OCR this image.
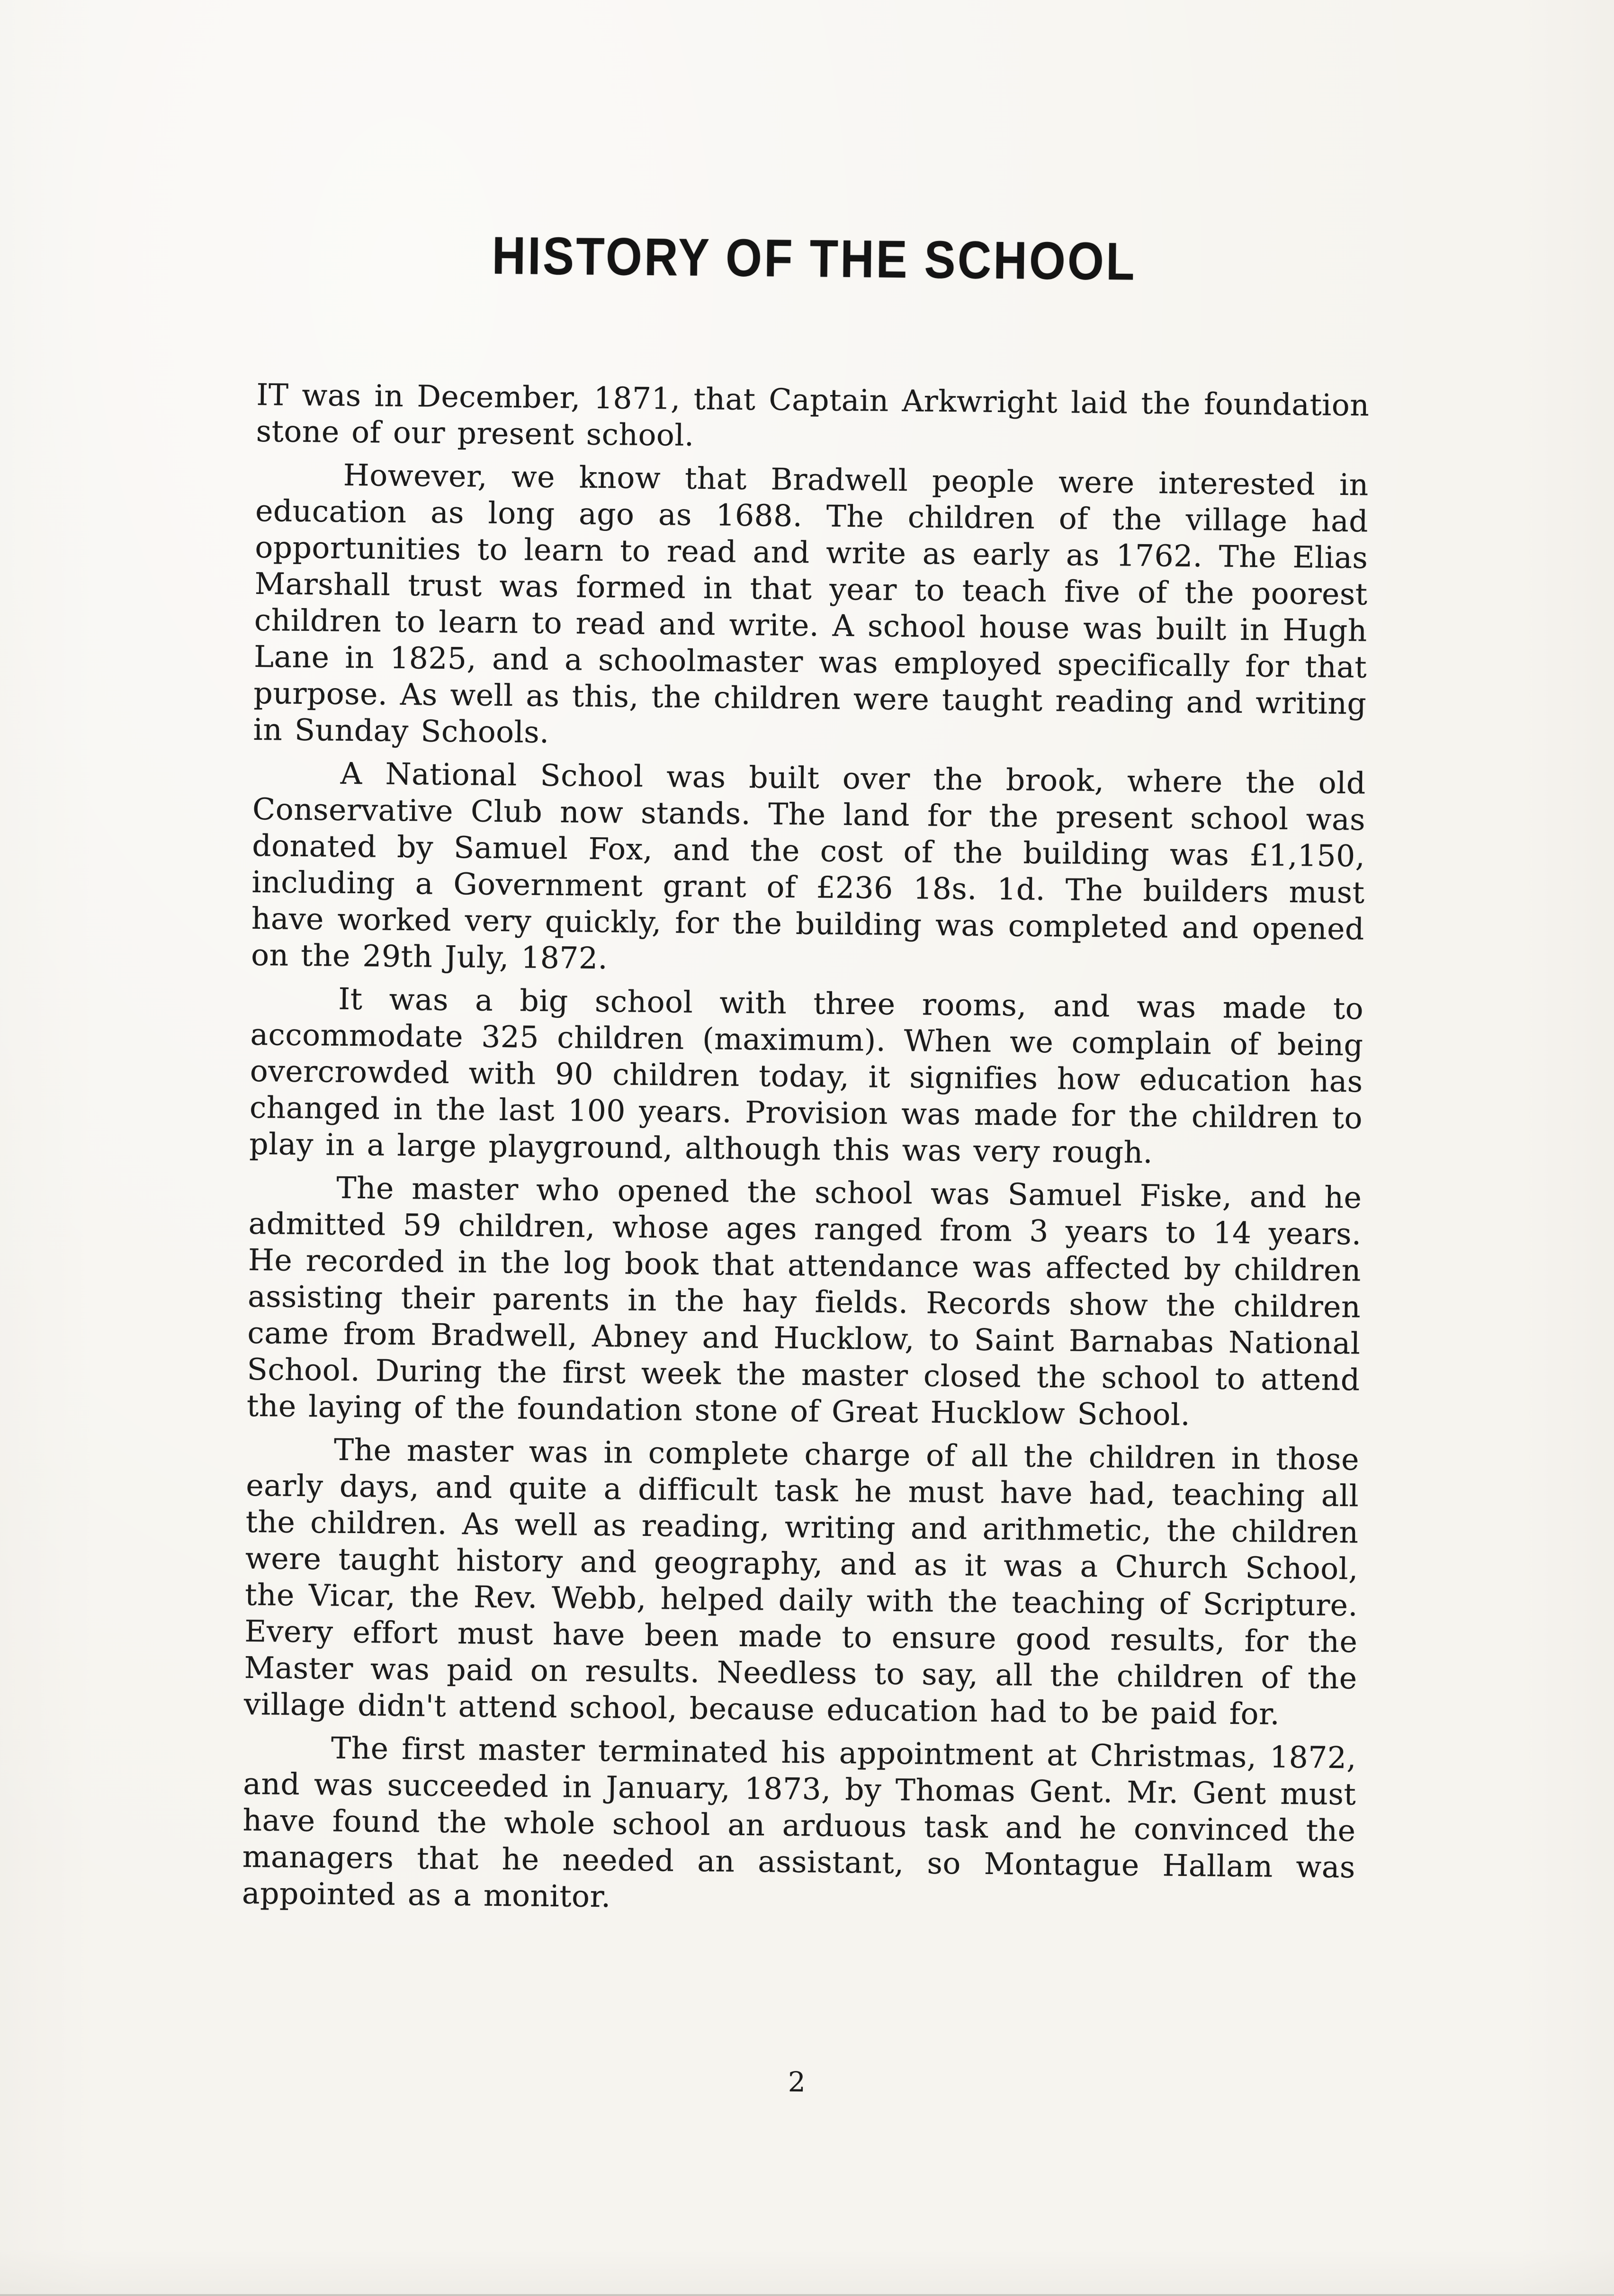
HISTORY OF THE SCHOOL

IT was in December, 1871, that Captain Arkwright laid the foundation stone of our present school.

However, we know that Bradwell people were interested in education as long ago as 1688. The children of the village had opportunities to learn to read and write as early as 1762. The Elias Marshall trust was formed in that year to teach five of the poorest children to learn to read and write. A school house was built in Hugh Lane in 1825, and a schoolmaster was employed specifically for that purpose. As well as this, the children were taught reading and writing in Sunday Schools.

A National School was built over the brook, where the old Conservative Club now stands. The land for the present school was donated by Samuel Fox, and the cost of the building was £1,150, including a Government grant of £236 18s. 1d. The builders must have worked very quickly, for the building was completed and opened on the 29th July, 1872.

It was a big school with three rooms, and was made to accommodate 325 children (maximum). When we complain of being overcrowded with 90 children today, it signifies how education has changed in the last 100 years. Provision was made for the children to play in a large playground, although this was very rough.

The master who opened the school was Samuel Fiske, and he admitted 59 children, whose ages ranged from 3 years to 14 years. He recorded in the log book that attendance was affected by children assisting their parents in the hay fields. Records show the children came from Bradwell, Abney and Hucklow, to Saint Barnabas National School. During the first week the master closed the school to attend the laying of the foundation stone of Great Hucklow School.

The master was in complete charge of all the children in those early days, and quite a difficult task he must have had, teaching all the children. As well as reading, writing and arithmetic, the children were taught history and geography, and as it was a Church School, the Vicar, the Rev. Webb, helped daily with the teaching of Scripture. Every effort must have been made to ensure good results, for the Master was paid on results. Needless to say, all the children of the village didn't attend school, because education had to be paid for.

The first master terminated his appointment at Christmas, 1872, and was succeeded in January, 1873, by Thomas Gent. Mr. Gent must have found the whole school an arduous task and he convinced the managers that he needed an assistant, so Montague Hallam was appointed as a monitor.

2
